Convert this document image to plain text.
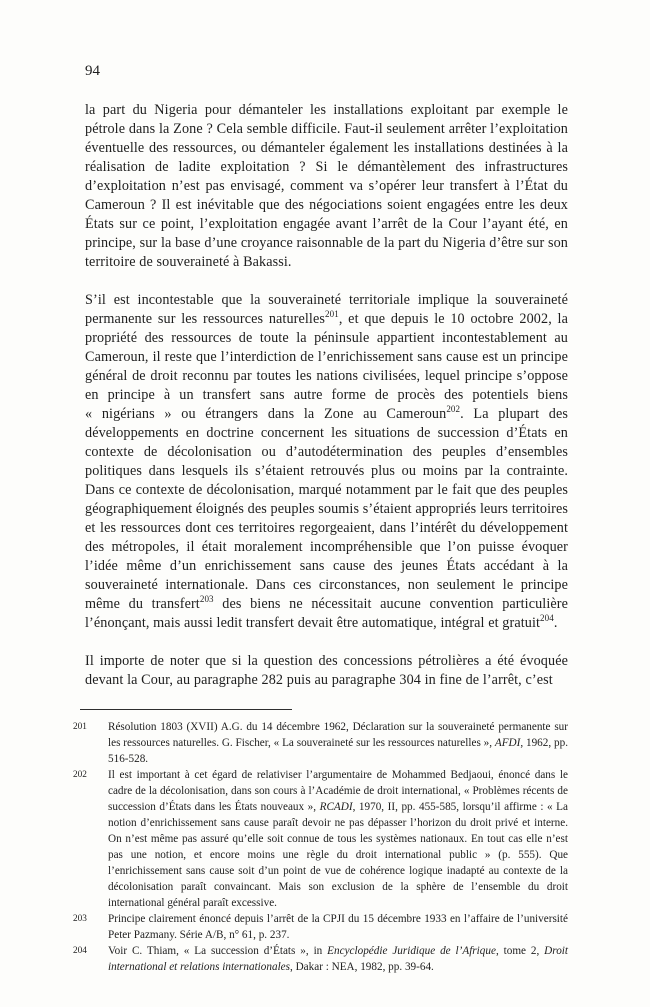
94

la part du Nigeria pour démanteler les installations exploitant par exemple le pétrole dans la Zone ? Cela semble difficile. Faut-il seulement arrêter l’exploitation éventuelle des ressources, ou démanteler également les installations destinées à la réalisation de ladite exploitation ? Si le démantèlement des infrastructures d’exploitation n’est pas envisagé, comment va s’opérer leur transfert à l’État du Cameroun ? Il est inévitable que des négociations soient engagées entre les deux États sur ce point, l’exploitation engagée avant l’arrêt de la Cour l’ayant été, en principe, sur la base d’une croyance raisonnable de la part du Nigeria d’être sur son territoire de souveraineté à Bakassi.

S’il est incontestable que la souveraineté territoriale implique la souveraineté permanente sur les ressources naturelles$^{201}$, et que depuis le 10 octobre 2002, la propriété des ressources de toute la péninsule appartient incontestablement au Cameroun, il reste que l’interdiction de l’enrichissement sans cause est un principe général de droit reconnu par toutes les nations civilisées, lequel principe s’oppose en principe à un transfert sans autre forme de procès des potentiels biens « nigérians » ou étrangers dans la Zone au Cameroun$^{202}$. La plupart des développements en doctrine concernent les situations de succession d’États en contexte de décolonisation ou d’autodétermination des peuples d’ensembles politiques dans lesquels ils s’étaient retrouvés plus ou moins par la contrainte. Dans ce contexte de décolonisation, marqué notamment par le fait que des peuples géographiquement éloignés des peuples soumis s’étaient appropriés leurs territoires et les ressources dont ces territoires regorgeaient, dans l’intérêt du développement des métropoles, il était moralement incompréhensible que l’on puisse évoquer l’idée même d’un enrichissement sans cause des jeunes États accédant à la souveraineté internationale. Dans ces circonstances, non seulement le principe même du transfert$^{203}$ des biens ne nécessitait aucune convention particulière l’énonçant, mais aussi ledit transfert devait être automatique, intégral et gratuit$^{204}$.

Il importe de noter que si la question des concessions pétrolières a été évoquée devant la Cour, au paragraphe 282 puis au paragraphe 304 in fine de l’arrêt, c’est

201	Résolution 1803 (XVII) A.G. du 14 décembre 1962, Déclaration sur la souveraineté permanente sur les ressources naturelles. G. Fischer, « La souveraineté sur les ressources naturelles », AFDI, 1962, pp. 516-528.
202	Il est important à cet égard de relativiser l’argumentaire de Mohammed Bedjaoui, énoncé dans le cadre de la décolonisation, dans son cours à l’Académie de droit international, « Problèmes récents de succession d’États dans les États nouveaux », RCADI, 1970, II, pp. 455-585, lorsqu’il affirme : « La notion d’enrichissement sans cause paraît devoir ne pas dépasser l’horizon du droit privé et interne. On n’est même pas assuré qu’elle soit connue de tous les systèmes nationaux. En tout cas elle n’est pas une notion, et encore moins une règle du droit international public » (p. 555). Que l’enrichissement sans cause soit d’un point de vue de cohérence logique inadapté au contexte de la décolonisation paraît convaincant. Mais son exclusion de la sphère de l’ensemble du droit international général paraît excessive.
203	Principe clairement énoncé depuis l’arrêt de la CPJI du 15 décembre 1933 en l’affaire de l’université Peter Pazmany. Série A/B, n° 61, p. 237.
204	Voir C. Thiam, « La succession d’États », in Encyclopédie Juridique de l’Afrique, tome 2, Droit international et relations internationales, Dakar : NEA, 1982, pp. 39-64.
